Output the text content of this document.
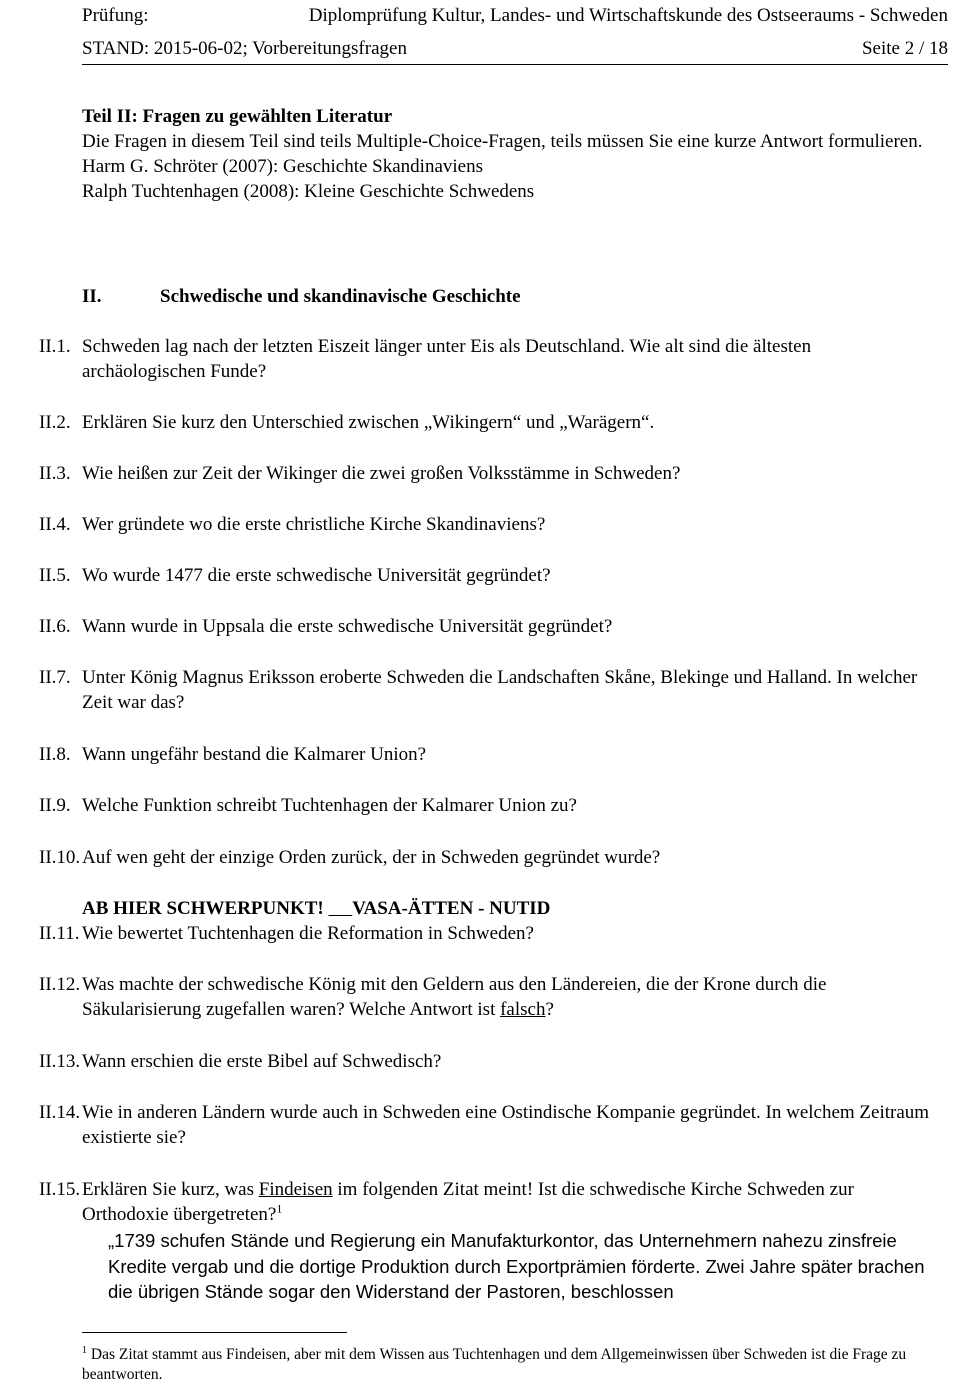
Prüfung:	Diplomprüfung Kultur, Landes- und Wirtschaftskunde des Ostseeraums - Schweden
STAND: 2015-06-02; Vorbereitungsfragen	Seite 2 / 18
Teil II: Fragen zu gewählten Literatur
Die Fragen in diesem Teil sind teils Multiple-Choice-Fragen, teils müssen Sie eine kurze Antwort formulieren.
Harm G. Schröter (2007): Geschichte Skandinaviens
Ralph Tuchtenhagen (2008): Kleine Geschichte Schwedens
II.	Schwedische und skandinavische Geschichte
II.1. Schweden lag nach der letzten Eiszeit länger unter Eis als Deutschland. Wie alt sind die ältesten archäologischen Funde?
II.2. Erklären Sie kurz den Unterschied zwischen „Wikingern“ und „Warägern“.
II.3. Wie heißen zur Zeit der Wikinger die zwei großen Volksstämme in Schweden?
II.4. Wer gründete wo die erste christliche Kirche Skandinaviens?
II.5. Wo wurde 1477 die erste schwedische Universität gegründet?
II.6. Wann wurde in Uppsala die erste schwedische Universität gegründet?
II.7. Unter König Magnus Eriksson eroberte Schweden die Landschaften Skåne, Blekinge und Halland. In welcher Zeit war das?
II.8. Wann ungefähr bestand die Kalmarer Union?
II.9. Welche Funktion schreibt Tuchtenhagen der Kalmarer Union zu?
II.10. Auf wen geht der einzige Orden zurück, der in Schweden gegründet wurde?
AB HIER SCHWERPUNKT!    VASA-ÄTTEN - NUTID
II.11. Wie bewertet Tuchtenhagen die Reformation in Schweden?
II.12. Was machte der schwedische König mit den Geldern aus den Ländereien, die der Krone durch die Säkularisierung zugefallen waren? Welche Antwort ist falsch?
II.13. Wann erschien die erste Bibel auf Schwedisch?
II.14. Wie in anderen Ländern wurde auch in Schweden eine Ostindische Kompanie gegründet. In welchem Zeitraum existierte sie?
II.15. Erklären Sie kurz, was Findeisen im folgenden Zitat meint! Ist die schwedische Kirche Schweden zur Orthodoxie übergetreten?$^1$
„1739 schufen Stände und Regierung ein Manufakturkontor, das Unternehmern nahezu zinsfreie Kredite vergab und die dortige Produktion durch Exportprämien förderte. Zwei Jahre später brachen die übrigen Stände sogar den Widerstand der Pastoren, beschlossen
$^1$ Das Zitat stammt aus Findeisen, aber mit dem Wissen aus Tuchtenhagen und dem Allgemeinwissen über Schweden ist die Frage zu beantworten.
